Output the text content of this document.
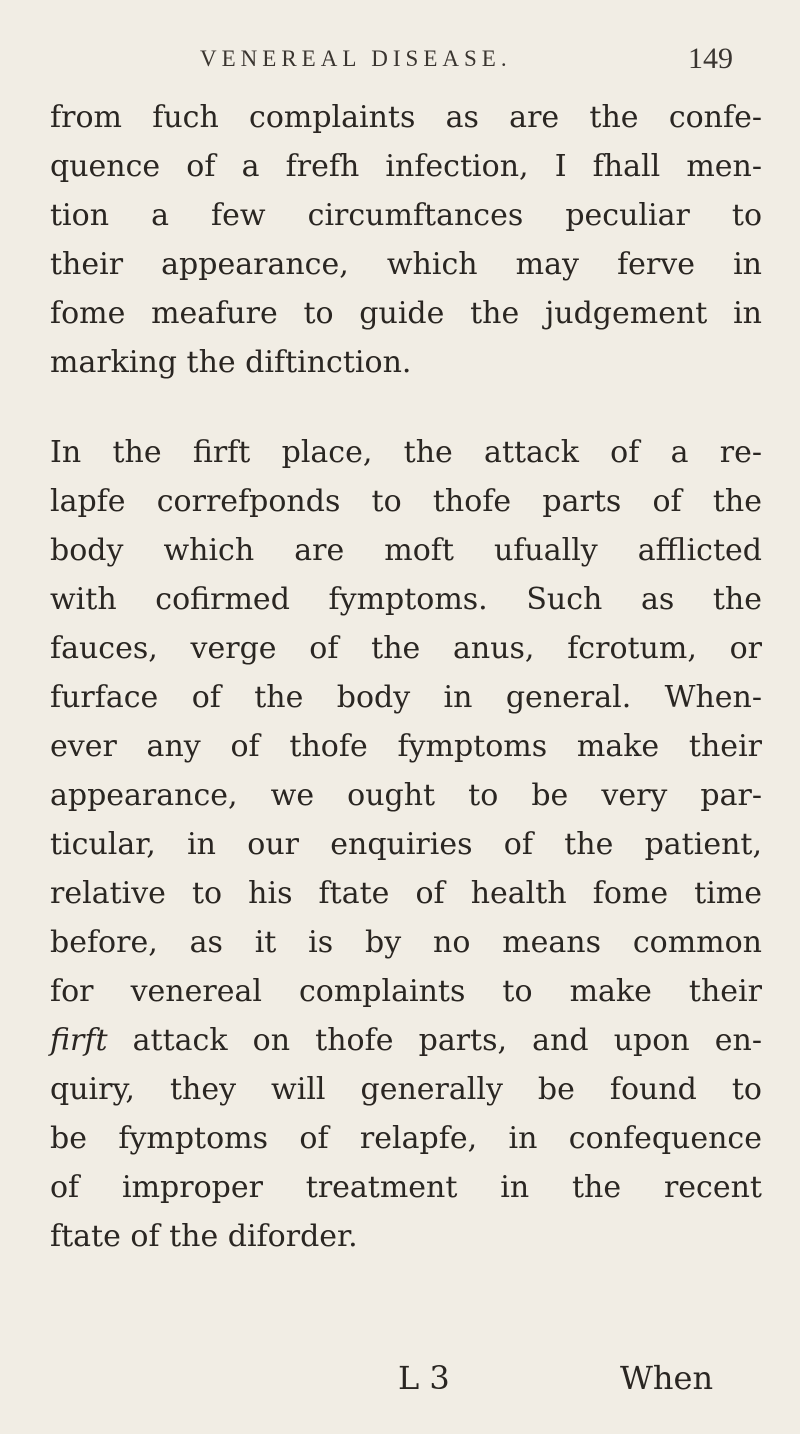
VENEREAL DISEASE.	149

from fuch complaints as are the confe-
quence of a frefh infection, I fhall men-
tion a few circumftances peculiar to
their appearance, which may ferve in
fome meafure to guide the judgement in
marking the diftinction.

In the firft place, the attack of a re-
lapfe correfponds to thofe parts of the
body which are moft ufually afflicted
with cofirmed fymptoms. Such as the
fauces, verge of the anus, fcrotum, or
furface of the body in general. When-
ever any of thofe fymptoms make their
appearance, we ought to be very par-
ticular, in our enquiries of the patient,
relative to his ftate of health fome time
before, as it is by no means common
for venereal complaints to make their
firft attack on thofe parts, and upon en-
quiry, they will generally be found to
be fymptoms of relapfe, in confequence
of improper treatment in the recent
ftate of the diforder.

L 3	When
